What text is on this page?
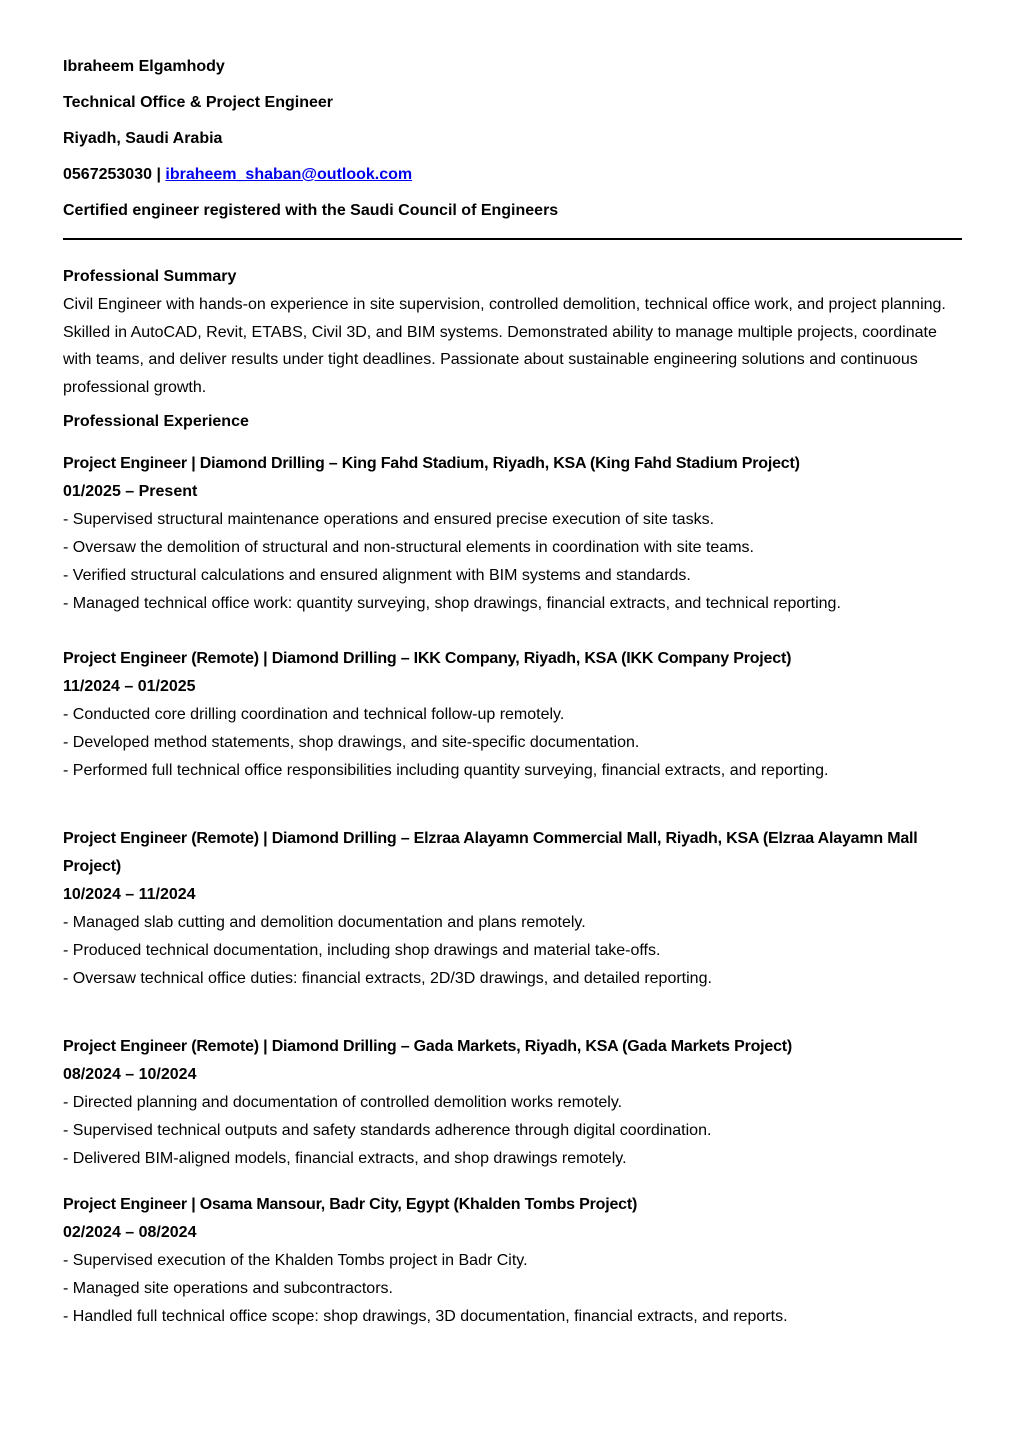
Ibraheem Elgamhody

Technical Office & Project Engineer

Riyadh, Saudi Arabia

0567253030 | ibraheem_shaban@outlook.com

Certified engineer registered with the Saudi Council of Engineers

Professional Summary

Civil Engineer with hands-on experience in site supervision, controlled demolition, technical office work, and project planning. Skilled in AutoCAD, Revit, ETABS, Civil 3D, and BIM systems. Demonstrated ability to manage multiple projects, coordinate with teams, and deliver results under tight deadlines. Passionate about sustainable engineering solutions and continuous professional growth.

Professional Experience

Project Engineer | Diamond Drilling – King Fahd Stadium, Riyadh, KSA (King Fahd Stadium Project)

01/2025 – Present

- Supervised structural maintenance operations and ensured precise execution of site tasks.

- Oversaw the demolition of structural and non-structural elements in coordination with site teams.

- Verified structural calculations and ensured alignment with BIM systems and standards.

- Managed technical office work: quantity surveying, shop drawings, financial extracts, and technical reporting.

Project Engineer (Remote) | Diamond Drilling – IKK Company, Riyadh, KSA (IKK Company Project)

11/2024 – 01/2025

- Conducted core drilling coordination and technical follow-up remotely.

- Developed method statements, shop drawings, and site-specific documentation.

- Performed full technical office responsibilities including quantity surveying, financial extracts, and reporting.

Project Engineer (Remote) | Diamond Drilling – Elzraa Alayamn Commercial Mall, Riyadh, KSA (Elzraa Alayamn Mall Project)

10/2024 – 11/2024

- Managed slab cutting and demolition documentation and plans remotely.

- Produced technical documentation, including shop drawings and material take-offs.

- Oversaw technical office duties: financial extracts, 2D/3D drawings, and detailed reporting.

Project Engineer (Remote) | Diamond Drilling – Gada Markets, Riyadh, KSA (Gada Markets Project)

08/2024 – 10/2024

- Directed planning and documentation of controlled demolition works remotely.

- Supervised technical outputs and safety standards adherence through digital coordination.

- Delivered BIM-aligned models, financial extracts, and shop drawings remotely.

Project Engineer | Osama Mansour, Badr City, Egypt (Khalden Tombs Project)

02/2024 – 08/2024

- Supervised execution of the Khalden Tombs project in Badr City.

- Managed site operations and subcontractors.

- Handled full technical office scope: shop drawings, 3D documentation, financial extracts, and reports.
